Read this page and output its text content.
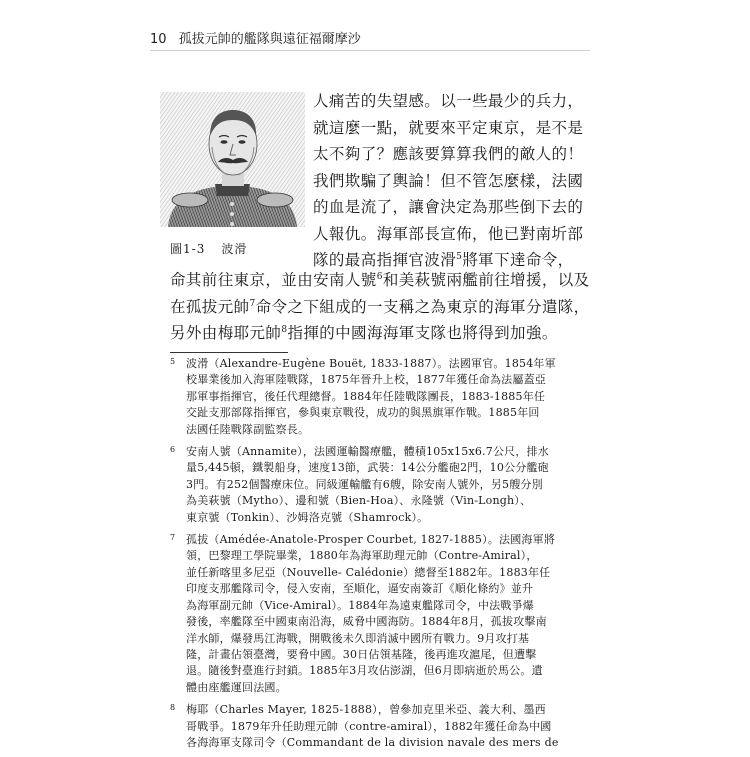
10 孤拔元帥的艦隊與遠征福爾摩沙
圖1-3 波滑
人痛苦的失望感。以一些最少的兵力，
就這麼一點，就要來平定東京，是不是
太不夠了？應該要算算我們的敵人的！
我們欺騙了輿論！但不管怎麼樣，法國
的血是流了，讓會決定為那些倒下去的
人報仇。海軍部長宣佈，他已對南圻部
隊的最高指揮官波滑$^5$將軍下達命令，
命其前往東京，並由安南人號$^6$和美萩號兩艦前往增援，以及
在孤拔元帥$^7$命令之下組成的一支稱之為東京的海軍分遣隊，
另外由梅耶元帥$^8$指揮的中國海海軍支隊也將得到加強。
5 波滑（Alexandre-Eugène Bouët, 1833-1887）。法國軍官。1854年軍
校畢業後加入海軍陸戰隊，1875年晉升上校，1877年獲任命為法屬蓋亞
那軍事指揮官，後任代理總督。1884年任陸戰隊團長，1883-1885年任
交趾支那部隊指揮官，參與東京戰役，成功的與黑旗軍作戰。1885年回
法國任陸戰隊副監察長。
6 安南人號（Annamite），法國運輸醫療艦，體積105x15x6.7公尺，排水
量5,445頓，鐵製船身，速度13節，武裝：14公分艦砲2門，10公分艦砲
3門。有252個醫療床位。同級運輸艦有6艘，除安南人號外，另5艘分別
為美萩號（Mytho）、邊和號（Bien-Hoa）、永隆號（Vin-Longh）、
東京號（Tonkin）、沙姆洛克號（Shamrock）。
7 孤拔（Amédée-Anatole-Prosper Courbet, 1827-1885）。法國海軍將
領，巴黎理工學院畢業，1880年為海軍助理元帥（Contre-Amiral），
並任新喀里多尼亞（Nouvelle- Calédonie）總督至1882年。1883年任
印度支那艦隊司令，侵入安南，至順化，逼安南簽訂《順化條約》並升
為海軍副元帥（Vice-Amiral）。1884年為遠東艦隊司令，中法戰爭爆
發後，率艦隊至中國東南沿海，威脅中國海防。1884年8月，孤拔攻擊南
洋水師，爆發馬江海戰，開戰後未久即消滅中國所有戰力。9月攻打基
隆，計畫佔領臺灣，要脅中國。30日佔領基隆，後再進攻滬尾，但遭擊
退。隨後對臺進行封鎖。1885年3月攻佔澎湖，但6月即病逝於馬公。遺
體由座艦運回法國。
8 梅耶（Charles Mayer, 1825-1888），曾參加克里米亞、義大利、墨西
哥戰爭。1879年升任助理元帥（contre-amiral），1882年獲任命為中國
各海海軍支隊司令（Commandant de la division navale des mers de
